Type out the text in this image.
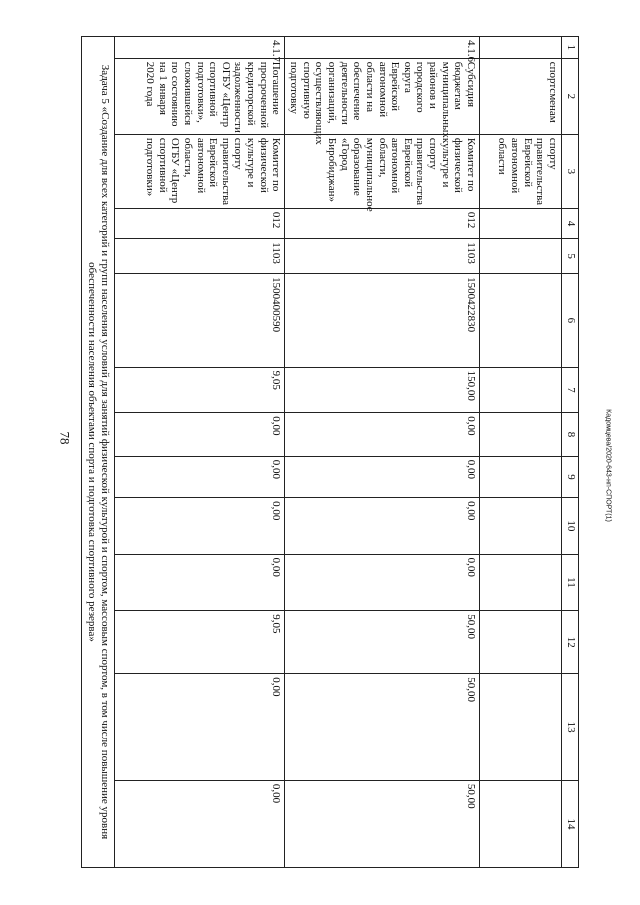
78	Кадомцева/2020-643-нп-СПОРТ(1)
1	2	3	4	5	6	7	8	9	10	11	12	13	14
	спортсменам	спорту правительства Еврейской автономной области											
4.1.6	Субсидия бюджетам муниципальных районов и городского округа Еврейской автономной области на обеспечение деятельности организаций, осуществляющих спортивную подготовку	Комитет по физической культуре и спорту правительства Еврейской автономной области, муниципальное образование «Город Биробиджан»	012	1103	1500422830	150,00	0,00	0,00	0,00	0,00	50,00	50,00	50,00
4.1.7	Погашение просроченной кредиторской задолженности ОГБУ «Центр спортивной подготовки», сложившейся по состоянию на 1 января 2020 года	Комитет по физической культуре и спорту правительства Еврейской автономной области, ОГБУ «Центр спортивной подготовки»	012	1103	1500400590	9,05	0,00	0,00	0,00	0,00	9,05	0,00	0,00
Задача 5 «Создание для всех категорий и групп населения условий для занятий физической культурой и спортом, массовым спортом, в том числе повышение уровня обеспеченности населения объектами спорта и подготовка спортивного резерва»													
